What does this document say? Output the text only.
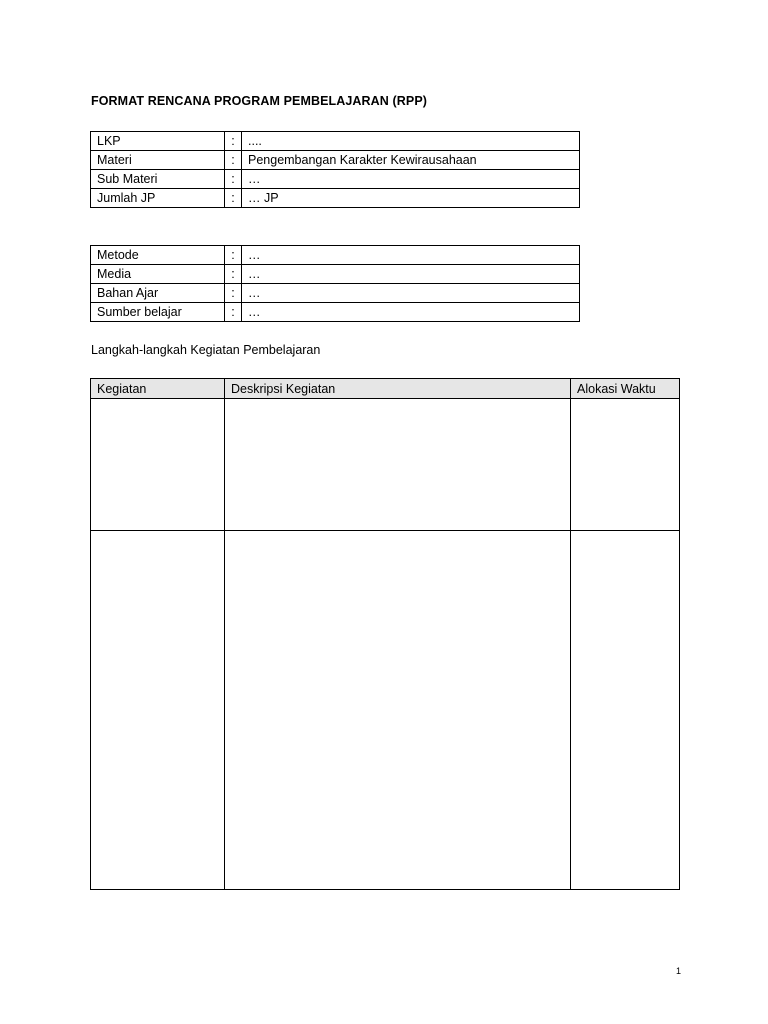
FORMAT RENCANA PROGRAM PEMBELAJARAN (RPP)
LKP	:	....
Materi	:	Pengembangan Karakter Kewirausahaan
Sub Materi	:	…
Jumlah JP	:	… JP
Metode	:	…
Media	:	…
Bahan Ajar	:	…
Sumber belajar	:	…
Langkah-langkah Kegiatan Pembelajaran
Kegiatan	Deskripsi Kegiatan	Alokasi Waktu

1
